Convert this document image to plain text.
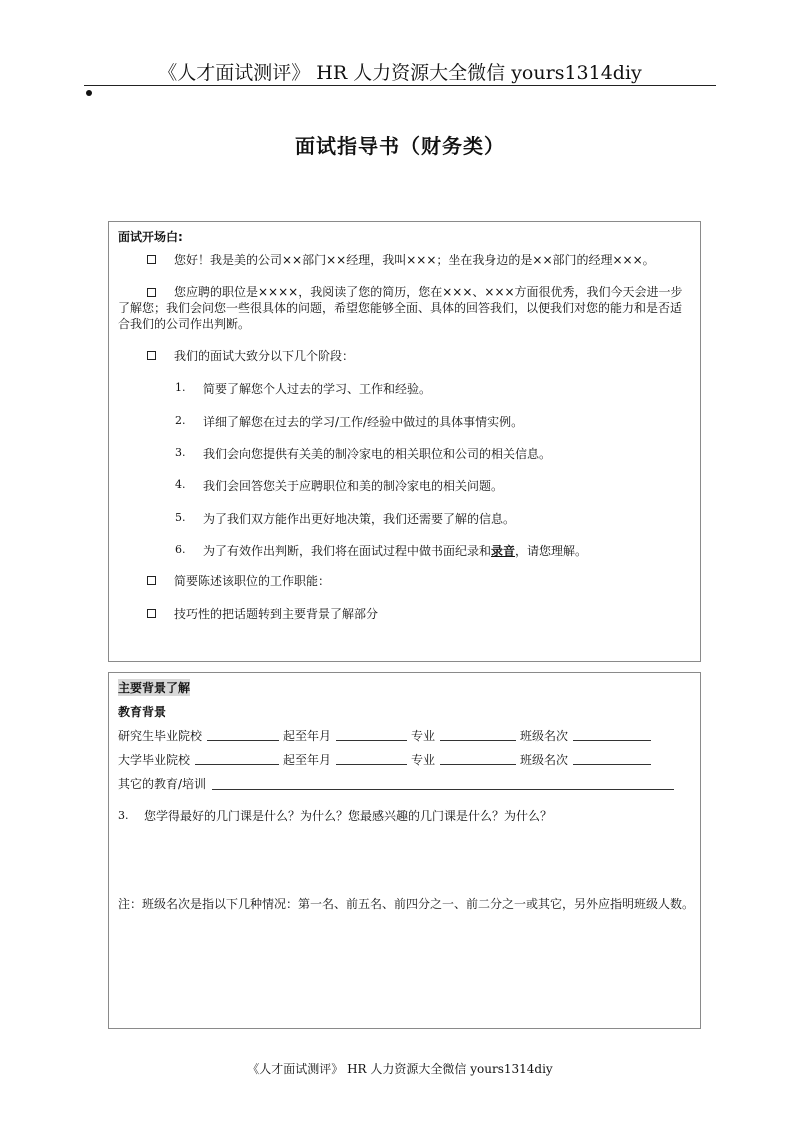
《人才面试测评》 HR 人力资源大全微信 yours1314diy
面试指导书（财务类）
面试开场白:
您好！我是美的公司××部门××经理，我叫×××；坐在我身边的是××部门的经理×××。
您应聘的职位是××××，我阅读了您的简历，您在×××、×××方面很优秀，我们今天会进一步了解您；我们会问您一些很具体的问题，希望您能够全面、具体的回答我们，以便我们对您的能力和是否适合我们的公司作出判断。
我们的面试大致分以下几个阶段：
1. 简要了解您个人过去的学习、工作和经验。
2. 详细了解您在过去的学习/工作/经验中做过的具体事情实例。
3. 我们会向您提供有关美的制冷家电的相关职位和公司的相关信息。
4. 我们会回答您关于应聘职位和美的制冷家电的相关问题。
5. 为了我们双方能作出更好地决策，我们还需要了解的信息。
6. 为了有效作出判断，我们将在面试过程中做书面纪录和录音，请您理解。
简要陈述该职位的工作职能：
技巧性的把话题转到主要背景了解部分
主要背景了解
教育背景
研究生毕业院校	起至年月	专业	班级名次
大学毕业院校	起至年月	专业	班级名次
其它的教育/培训
3. 您学得最好的几门课是什么？为什么？您最感兴趣的几门课是什么？为什么？
注：班级名次是指以下几种情况：第一名、前五名、前四分之一、前二分之一或其它，另外应指明班级人数。
《人才面试测评》 HR 人力资源大全微信 yours1314diy
